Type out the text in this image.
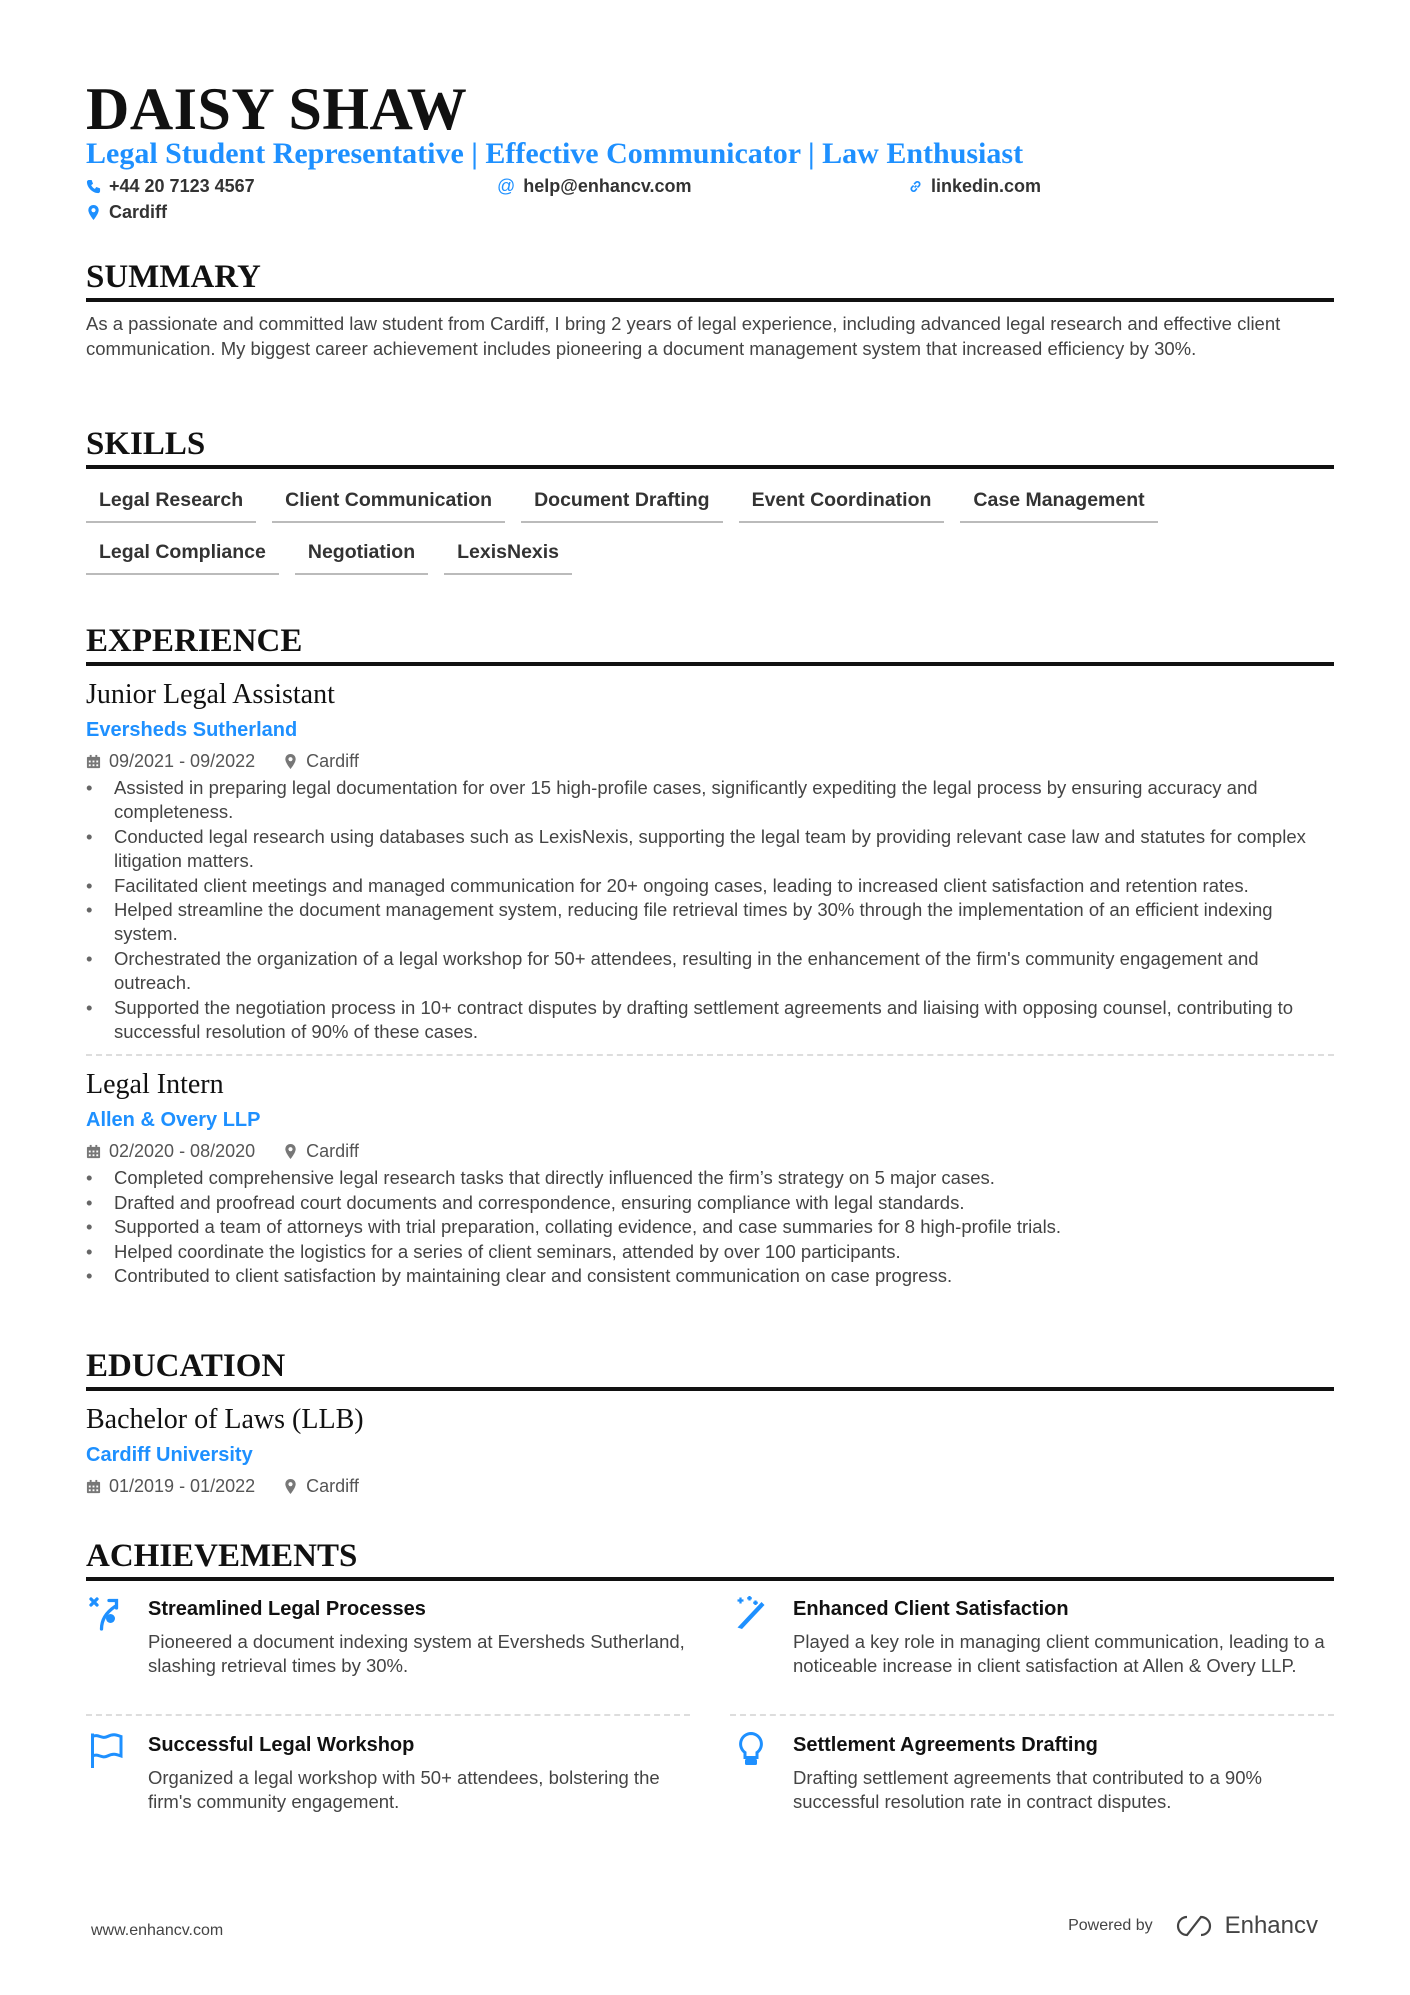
DAISY SHAW
Legal Student Representative | Effective Communicator | Law Enthusiast
+44 20 7123 4567	@ help@enhancv.com	linkedin.com
Cardiff
SUMMARY
As a passionate and committed law student from Cardiff, I bring 2 years of legal experience, including advanced legal research and effective client communication. My biggest career achievement includes pioneering a document management system that increased efficiency by 30%.
SKILLS
Legal Research	Client Communication	Document Drafting	Event Coordination	Case Management
Legal Compliance	Negotiation	LexisNexis
EXPERIENCE
Junior Legal Assistant
Eversheds Sutherland
09/2021 - 09/2022	Cardiff
• Assisted in preparing legal documentation for over 15 high-profile cases, significantly expediting the legal process by ensuring accuracy and completeness.
• Conducted legal research using databases such as LexisNexis, supporting the legal team by providing relevant case law and statutes for complex litigation matters.
• Facilitated client meetings and managed communication for 20+ ongoing cases, leading to increased client satisfaction and retention rates.
• Helped streamline the document management system, reducing file retrieval times by 30% through the implementation of an efficient indexing system.
• Orchestrated the organization of a legal workshop for 50+ attendees, resulting in the enhancement of the firm's community engagement and outreach.
• Supported the negotiation process in 10+ contract disputes by drafting settlement agreements and liaising with opposing counsel, contributing to successful resolution of 90% of these cases.
Legal Intern
Allen & Overy LLP
02/2020 - 08/2020	Cardiff
• Completed comprehensive legal research tasks that directly influenced the firm’s strategy on 5 major cases.
• Drafted and proofread court documents and correspondence, ensuring compliance with legal standards.
• Supported a team of attorneys with trial preparation, collating evidence, and case summaries for 8 high-profile trials.
• Helped coordinate the logistics for a series of client seminars, attended by over 100 participants.
• Contributed to client satisfaction by maintaining clear and consistent communication on case progress.
EDUCATION
Bachelor of Laws (LLB)
Cardiff University
01/2019 - 01/2022	Cardiff
ACHIEVEMENTS
Streamlined Legal Processes
Pioneered a document indexing system at Eversheds Sutherland, slashing retrieval times by 30%.
Enhanced Client Satisfaction
Played a key role in managing client communication, leading to a noticeable increase in client satisfaction at Allen & Overy LLP.
Successful Legal Workshop
Organized a legal workshop with 50+ attendees, bolstering the firm's community engagement.
Settlement Agreements Drafting
Drafting settlement agreements that contributed to a 90% successful resolution rate in contract disputes.
www.enhancv.com	Powered by	Enhancv
